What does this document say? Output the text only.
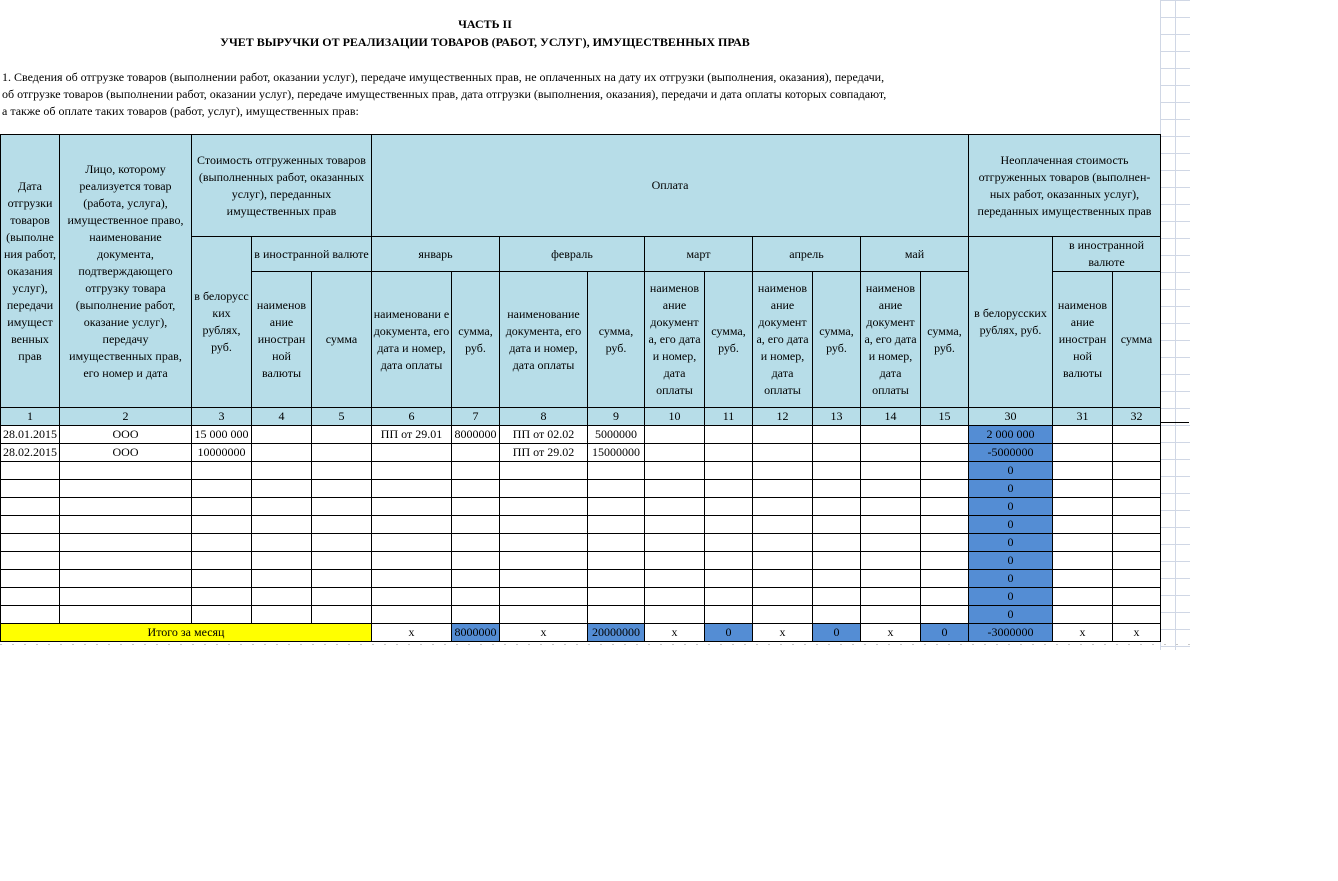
ЧАСТЬ II
УЧЕТ ВЫРУЧКИ ОТ РЕАЛИЗАЦИИ ТОВАРОВ (РАБОТ, УСЛУГ), ИМУЩЕСТВЕННЫХ ПРАВ
1. Сведения об отгрузке товаров (выполнении работ, оказании услуг), передаче имущественных прав, не оплаченных на дату их отгрузки (выполнения, оказания), передачи,
об отгрузке товаров (выполнении работ, оказании услуг), передаче имущественных прав, дата отгрузки (выполнения, оказания), передачи и дата оплаты которых совпадают,
а также об оплате таких товаров (работ, услуг), имущественных прав:
Дата отгрузки товаров (выполне ния работ, оказания услуг), передачи имущест венных прав	Лицо, которому реализуется товар (работа, услуга), имущественное право, наименование документа, подтверждающего отгрузку товара (выполнение работ, оказание услуг), передачу имущественных прав, его номер и дата	Стоимость отгруженных товаров (выполненных работ, оказанных услуг), переданных имущественных прав			Оплата										Неоплаченная стоимость отгруженных товаров (выполнен-ных работ, оказанных услуг), переданных имущественных прав		
		в белорусс ких рублях, руб.	в иностранной валюте		январь		февраль		март		апрель		май		в белорусских рублях, руб.	в иностранной валюте	
			наименов ание иностран ной валюты	сумма	наименовани е документа, его дата и номер, дата оплаты	сумма, руб.	наименование документа, его дата и номер, дата оплаты	сумма, руб.	наименов ание документ а, его дата и номер, дата оплаты	сумма, руб.	наименов ание документ а, его дата и номер, дата оплаты	сумма, руб.	наименов ание документ а, его дата и номер, дата оплаты	сумма, руб.		наименов ание иностран ной валюты	сумма
1	2	3	4	5	6	7	8	9	10	11	12	13	14	15	30	31	32
28.01.2015	ООО	15 000 000			ПП от 29.01	8000000	ПП от 02.02	5000000							2 000 000		
28.02.2015	ООО	10000000					ПП от 29.02	15000000							-5000000		
															0		
															0		
															0		
															0		
															0		
															0		
															0		
															0		
															0		
Итого за месяц					x	8000000	x	20000000	x	0	x	0	x	0	-3000000	x	x
